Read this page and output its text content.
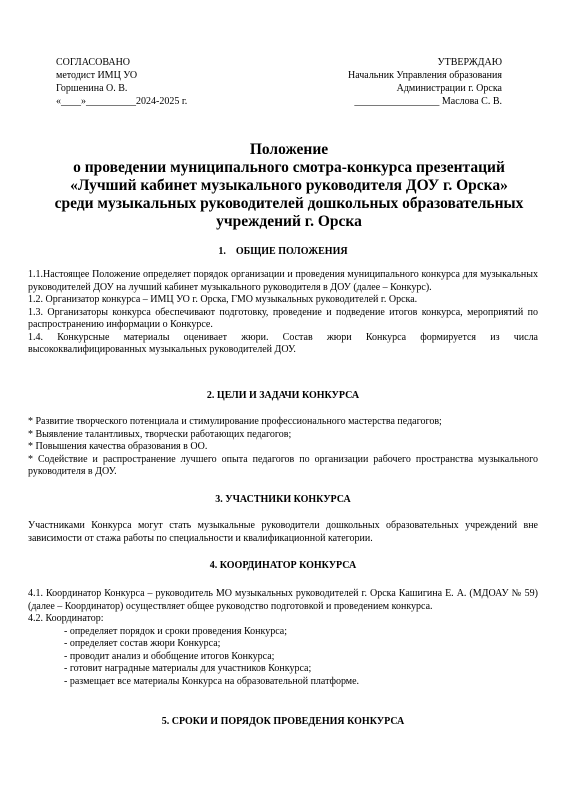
СОГЛАСОВАНО
методист ИМЦ УО
Горшенина О. В.
«____»__________2024-2025 г.
УТВЕРЖДАЮ
Начальник Управления образования
Администрации г. Орска
_________________ Маслова С. В.
Положение
о проведении муниципального смотра-конкурса презентаций
«Лучший кабинет музыкального руководителя ДОУ г. Орска»
среди музыкальных руководителей дошкольных образовательных
учреждений г. Орска
1. ОБЩИЕ ПОЛОЖЕНИЯ
1.1.Настоящее Положение определяет порядок организации и проведения муниципального конкурса для музыкальных руководителей ДОУ на лучший кабинет музыкального руководителя в ДОУ (далее – Конкурс).
1.2. Организатор конкурса – ИМЦ УО г. Орска, ГМО музыкальных руководителей г. Орска.
1.3. Организаторы конкурса обеспечивают подготовку, проведение и подведение итогов конкурса, мероприятий по распространению информации о Конкурсе.
1.4. Конкурсные материалы оценивает жюри. Состав жюри Конкурса формируется из числа высококвалифицированных музыкальных руководителей ДОУ.
2. ЦЕЛИ И ЗАДАЧИ КОНКУРСА
* Развитие творческого потенциала и стимулирование профессионального мастерства педагогов;
* Выявление талантливых, творчески работающих педагогов;
* Повышения качества образования в ОО.
* Содействие и распространение лучшего опыта педагогов по организации рабочего пространства музыкального руководителя в ДОУ.
3. УЧАСТНИКИ КОНКУРСА
Участниками Конкурса могут стать музыкальные руководители дошкольных образовательных учреждений вне зависимости от стажа работы по специальности и квалификационной категории.
4. КООРДИНАТОР КОНКУРСА
4.1. Координатор Конкурса – руководитель МО музыкальных руководителей г. Орска Кашигина Е. А. (МДОАУ № 59) (далее – Координатор) осуществляет общее руководство подготовкой и проведением конкурса.
4.2. Координатор:
- определяет порядок и сроки проведения Конкурса;
- определяет состав жюри Конкурса;
- проводит анализ и обобщение итогов Конкурса;
- готовит наградные материалы для участников Конкурса;
- размещает все материалы Конкурса на образовательной платформе.
5. СРОКИ И ПОРЯДОК ПРОВЕДЕНИЯ КОНКУРСА
